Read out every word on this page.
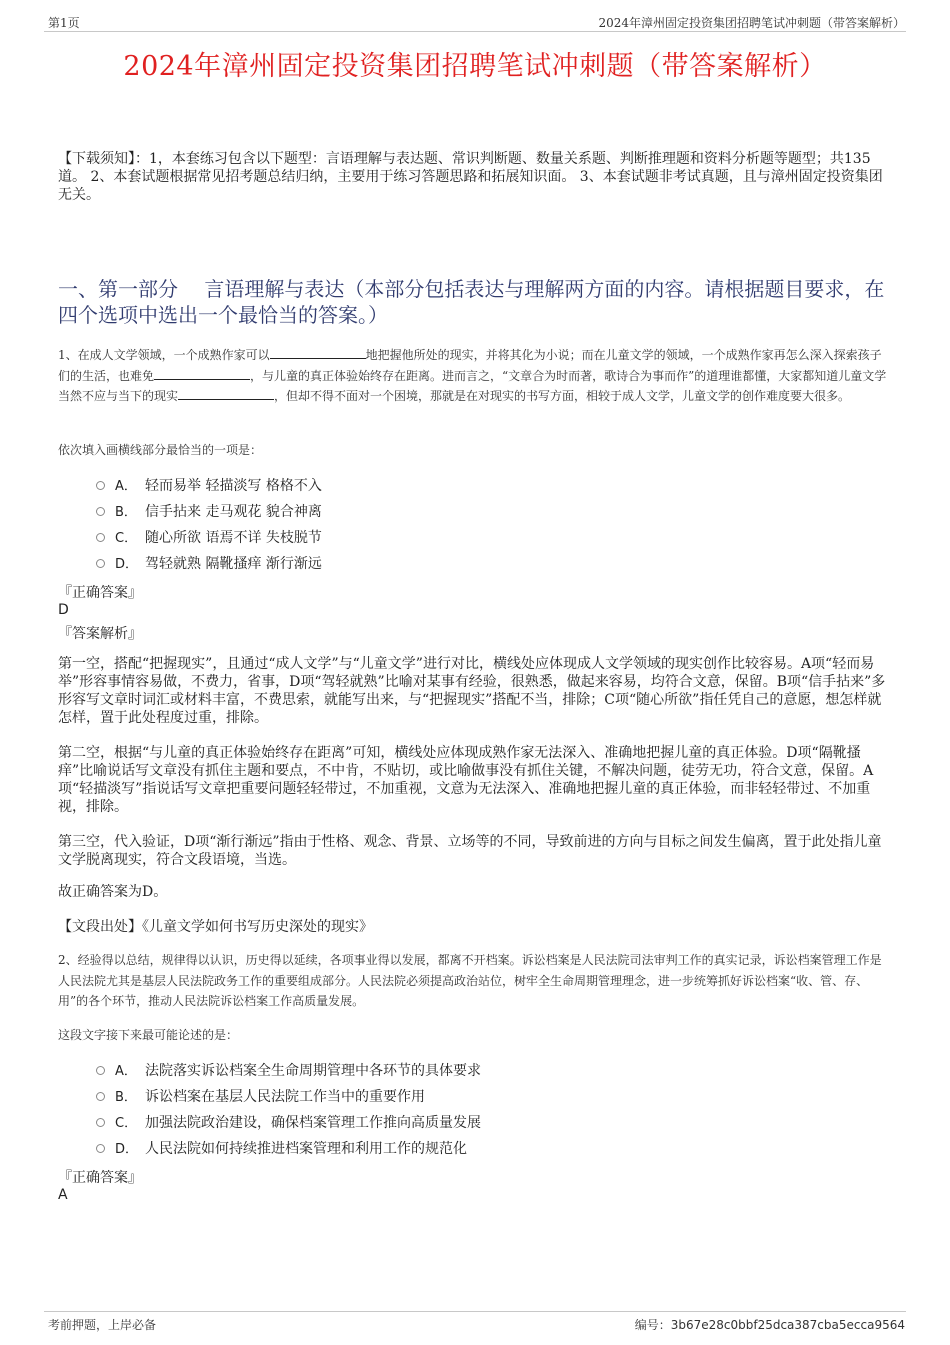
第1页	2024年漳州固定投资集团招聘笔试冲刺题（带答案解析）
2024年漳州固定投资集团招聘笔试冲刺题（带答案解析）
【下载须知】：1，本套练习包含以下题型：言语理解与表达题、常识判断题、数量关系题、判断推理题和资料分析题等题型；共135道。 2、本套试题根据常见招考题总结归纳，主要用于练习答题思路和拓展知识面。 3、本套试题非考试真题，且与漳州固定投资集团无关。
一、第一部分　 言语理解与表达（本部分包括表达与理解两方面的内容。请根据题目要求，在四个选项中选出一个最恰当的答案。）
1、在成人文学领域，一个成熟作家可以	地把握他所处的现实，并将其化为小说；而在儿童文学的领域，一个成熟作家再怎么深入探索孩子们的生活，也难免	，与儿童的真正体验始终存在距离。进而言之，“文章合为时而著，歌诗合为事而作”的道理谁都懂，大家都知道儿童文学当然不应与当下的现实	，但却不得不面对一个困境，那就是在对现实的书写方面，相较于成人文学，儿童文学的创作难度要大很多。
依次填入画横线部分最恰当的一项是：
A． 轻而易举 轻描淡写 格格不入
B． 信手拈来 走马观花 貌合神离
C． 随心所欲 语焉不详 失枝脱节
D． 驾轻就熟 隔靴搔痒 渐行渐远
『正确答案』
D
『答案解析』
第一空，搭配“把握现实”，且通过“成人文学”与“儿童文学”进行对比，横线处应体现成人文学领域的现实创作比较容易。A项“轻而易举”形容事情容易做，不费力，省事，D项“驾轻就熟”比喻对某事有经验，很熟悉，做起来容易，均符合文意，保留。B项“信手拈来”多形容写文章时词汇或材料丰富，不费思索，就能写出来，与“把握现实”搭配不当，排除；C项“随心所欲”指任凭自己的意愿，想怎样就怎样，置于此处程度过重，排除。
第二空，根据“与儿童的真正体验始终存在距离”可知，横线处应体现成熟作家无法深入、准确地把握儿童的真正体验。D项“隔靴搔痒”比喻说话写文章没有抓住主题和要点，不中肯，不贴切，或比喻做事没有抓住关键，不解决问题，徒劳无功，符合文意，保留。A项“轻描淡写”指说话写文章把重要问题轻轻带过，不加重视，文意为无法深入、准确地把握儿童的真正体验，而非轻轻带过、不加重视，排除。
第三空，代入验证，D项“渐行渐远”指由于性格、观念、背景、立场等的不同，导致前进的方向与目标之间发生偏离，置于此处指儿童文学脱离现实，符合文段语境，当选。
故正确答案为D。
【文段出处】《儿童文学如何书写历史深处的现实》
2、经验得以总结，规律得以认识，历史得以延续，各项事业得以发展，都离不开档案。诉讼档案是人民法院司法审判工作的真实记录，诉讼档案管理工作是人民法院尤其是基层人民法院政务工作的重要组成部分。人民法院必须提高政治站位，树牢全生命周期管理理念，进一步统筹抓好诉讼档案“收、管、存、用”的各个环节，推动人民法院诉讼档案工作高质量发展。
这段文字接下来最可能论述的是：
A． 法院落实诉讼档案全生命周期管理中各环节的具体要求
B． 诉讼档案在基层人民法院工作当中的重要作用
C． 加强法院政治建设，确保档案管理工作推向高质量发展
D． 人民法院如何持续推进档案管理和利用工作的规范化
『正确答案』
A
考前押题，上岸必备	编号：3b67e28c0bbf25dca387cba5ecca9564
